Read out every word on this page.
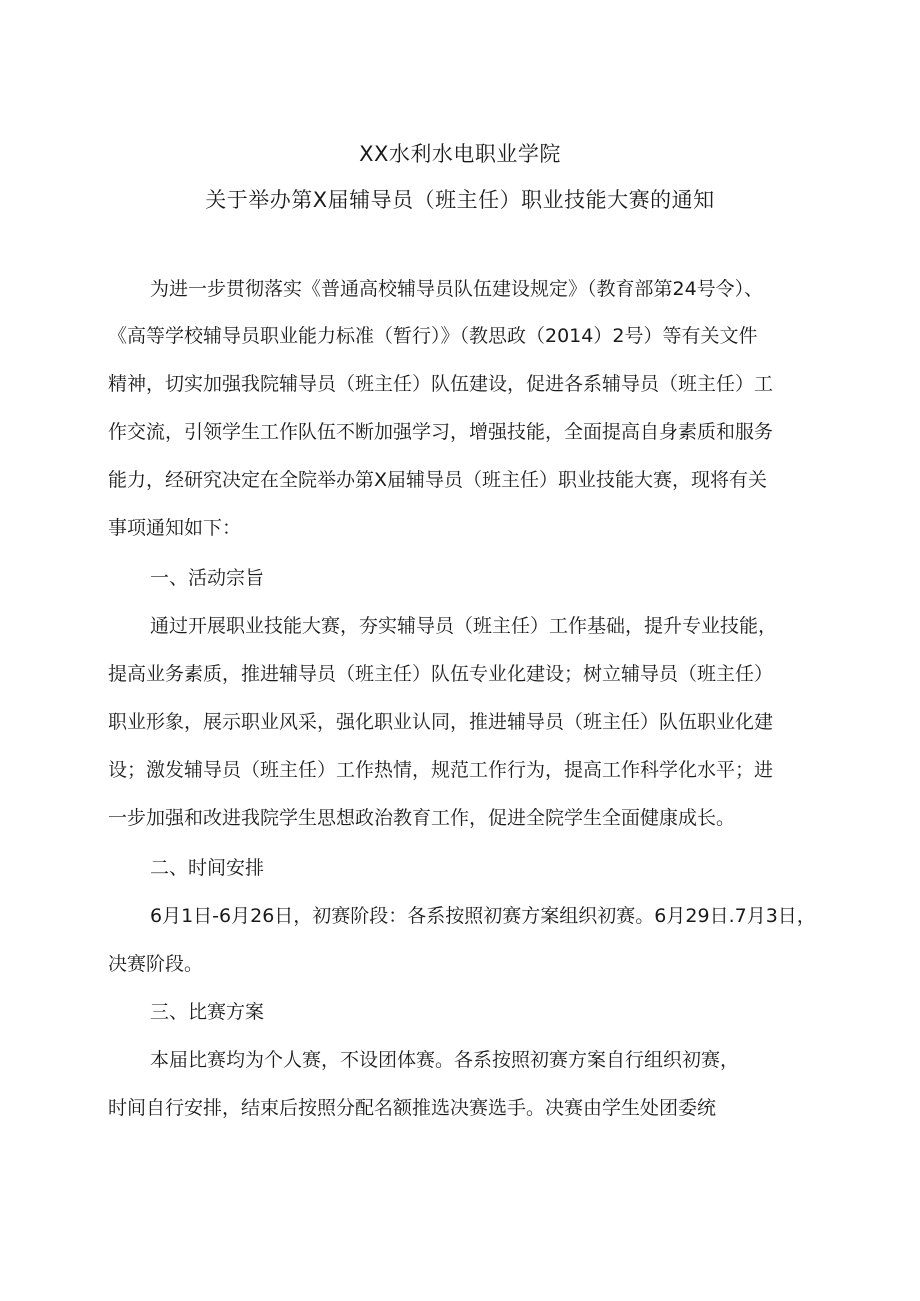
XX水利水电职业学院
关于举办第X届辅导员（班主任）职业技能大赛的通知
为进一步贯彻落实《普通高校辅导员队伍建设规定》（教育部第24号令）、
《高等学校辅导员职业能力标准（暂行）》（教思政（2014）2号）等有关文件
精神，切实加强我院辅导员（班主任）队伍建设，促进各系辅导员（班主任）工
作交流，引领学生工作队伍不断加强学习，增强技能，全面提高自身素质和服务
能力，经研究决定在全院举办第X届辅导员（班主任）职业技能大赛，现将有关
事项通知如下：
一、活动宗旨
通过开展职业技能大赛，夯实辅导员（班主任）工作基础，提升专业技能，
提高业务素质，推进辅导员（班主任）队伍专业化建设；树立辅导员（班主任）
职业形象，展示职业风采，强化职业认同，推进辅导员（班主任）队伍职业化建
设；激发辅导员（班主任）工作热情，规范工作行为，提高工作科学化水平；进
一步加强和改进我院学生思想政治教育工作，促进全院学生全面健康成长。
二、时间安排
6月1日-6月26日，初赛阶段：各系按照初赛方案组织初赛。6月29日.7月3日，
决赛阶段。
三、比赛方案
本届比赛均为个人赛，不设团体赛。各系按照初赛方案自行组织初赛，
时间自行安排，结束后按照分配名额推选决赛选手。决赛由学生处团委统
